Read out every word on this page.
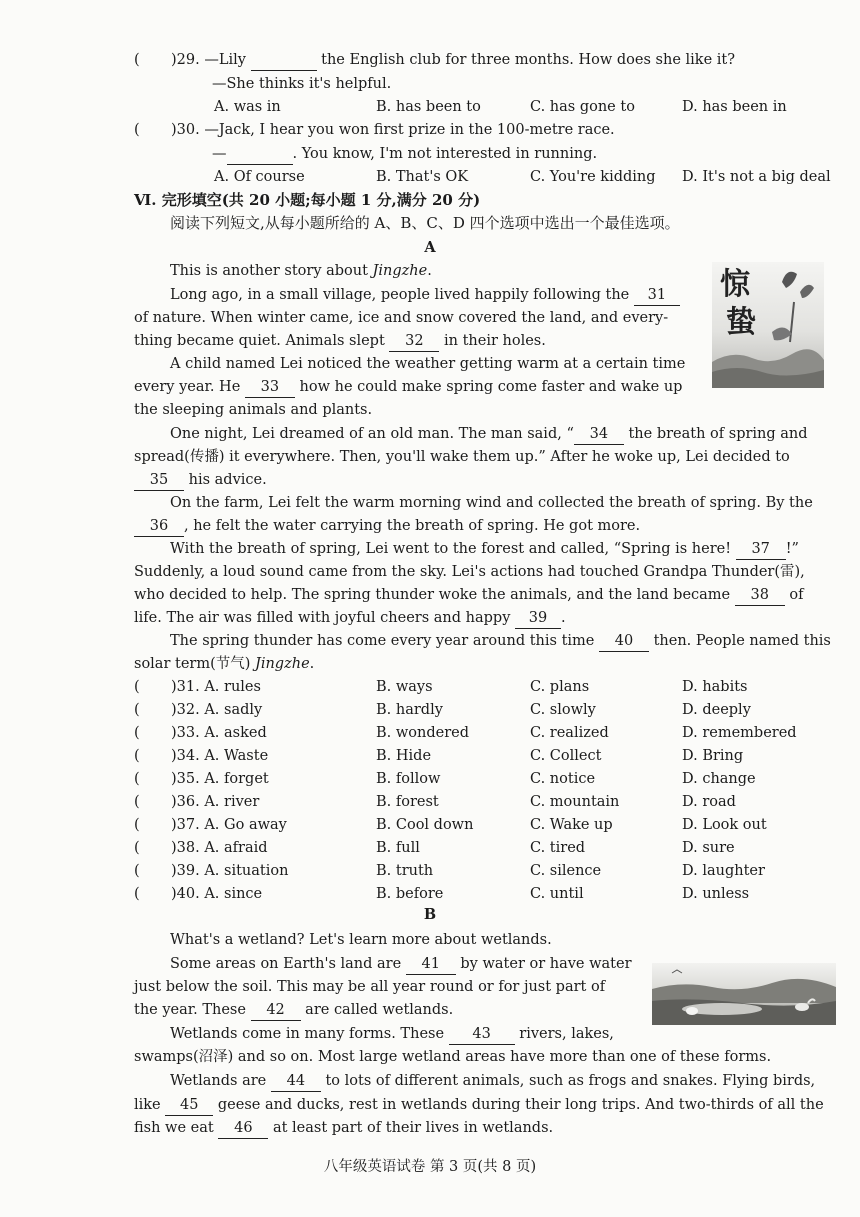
( )29. —Lily	the English club for three months. How does she like it?
—She thinks it's helpful.
A. was in	B. has been to	C. has gone to	D. has been in
( )30. —Jack, I hear you won first prize in the 100-metre race.
—	. You know, I'm not interested in running.
A. Of course	B. That's OK	C. You're kidding D. It's not a big deal
Ⅵ. 完形填空(共 20 小题;每小题 1 分,满分 20 分)
阅读下列短文,从每小题所给的 A、B、C、D 四个选项中选出一个最佳选项。
A
惊
蛰
This is another story about Jingzhe.
Long ago, in a small village, people lived happily following the 31
of nature. When winter came, ice and snow covered the land, and every-
thing became quiet. Animals slept 32 in their holes.
A child named Lei noticed the weather getting warm at a certain time
every year. He 33 how he could make spring come faster and wake up
the sleeping animals and plants.
One night, Lei dreamed of an old man. The man said, “ 34 the breath of spring and
spread(传播) it everywhere. Then, you'll wake them up.” After he woke up, Lei decided to
35 his advice.
On the farm, Lei felt the warm morning wind and collected the breath of spring. By the
36 , he felt the water carrying the breath of spring. He got more.
With the breath of spring, Lei went to the forest and called, “Spring is here! 37 !”
Suddenly, a loud sound came from the sky. Lei's actions had touched Grandpa Thunder(雷),
who decided to help. The spring thunder woke the animals, and the land became 38 of
life. The air was filled with joyful cheers and happy 39 .
The spring thunder has come every year around this time 40 then. People named this
solar term(节气) Jingzhe.
( )31. A. rules	B. ways	C. plans	D. habits
( )32. A. sadly	B. hardly	C. slowly	D. deeply
( )33. A. asked	B. wondered	C. realized	D. remembered
( )34. A. Waste	B. Hide	C. Collect	D. Bring
( )35. A. forget	B. follow	C. notice	D. change
( )36. A. river	B. forest	C. mountain	D. road
( )37. A. Go away	B. Cool down	C. Wake up	D. Look out
( )38. A. afraid	B. full	C. tired	D. sure
( )39. A. situation	B. truth	C. silence	D. laughter
( )40. A. since	B. before	C. until	D. unless
B
What's a wetland? Let's learn more about wetlands.
Some areas on Earth's land are 41 by water or have water
just below the soil. This may be all year round or for just part of
the year. These 42 are called wetlands.
Wetlands come in many forms. These 43 rivers, lakes,
swamps(沼泽) and so on. Most large wetland areas have more than one of these forms.
Wetlands are 44 to lots of different animals, such as frogs and snakes. Flying birds,
like 45 geese and ducks, rest in wetlands during their long trips. And two-thirds of all the
fish we eat 46 at least part of their lives in wetlands.
八年级英语试卷 第 3 页(共 8 页)
